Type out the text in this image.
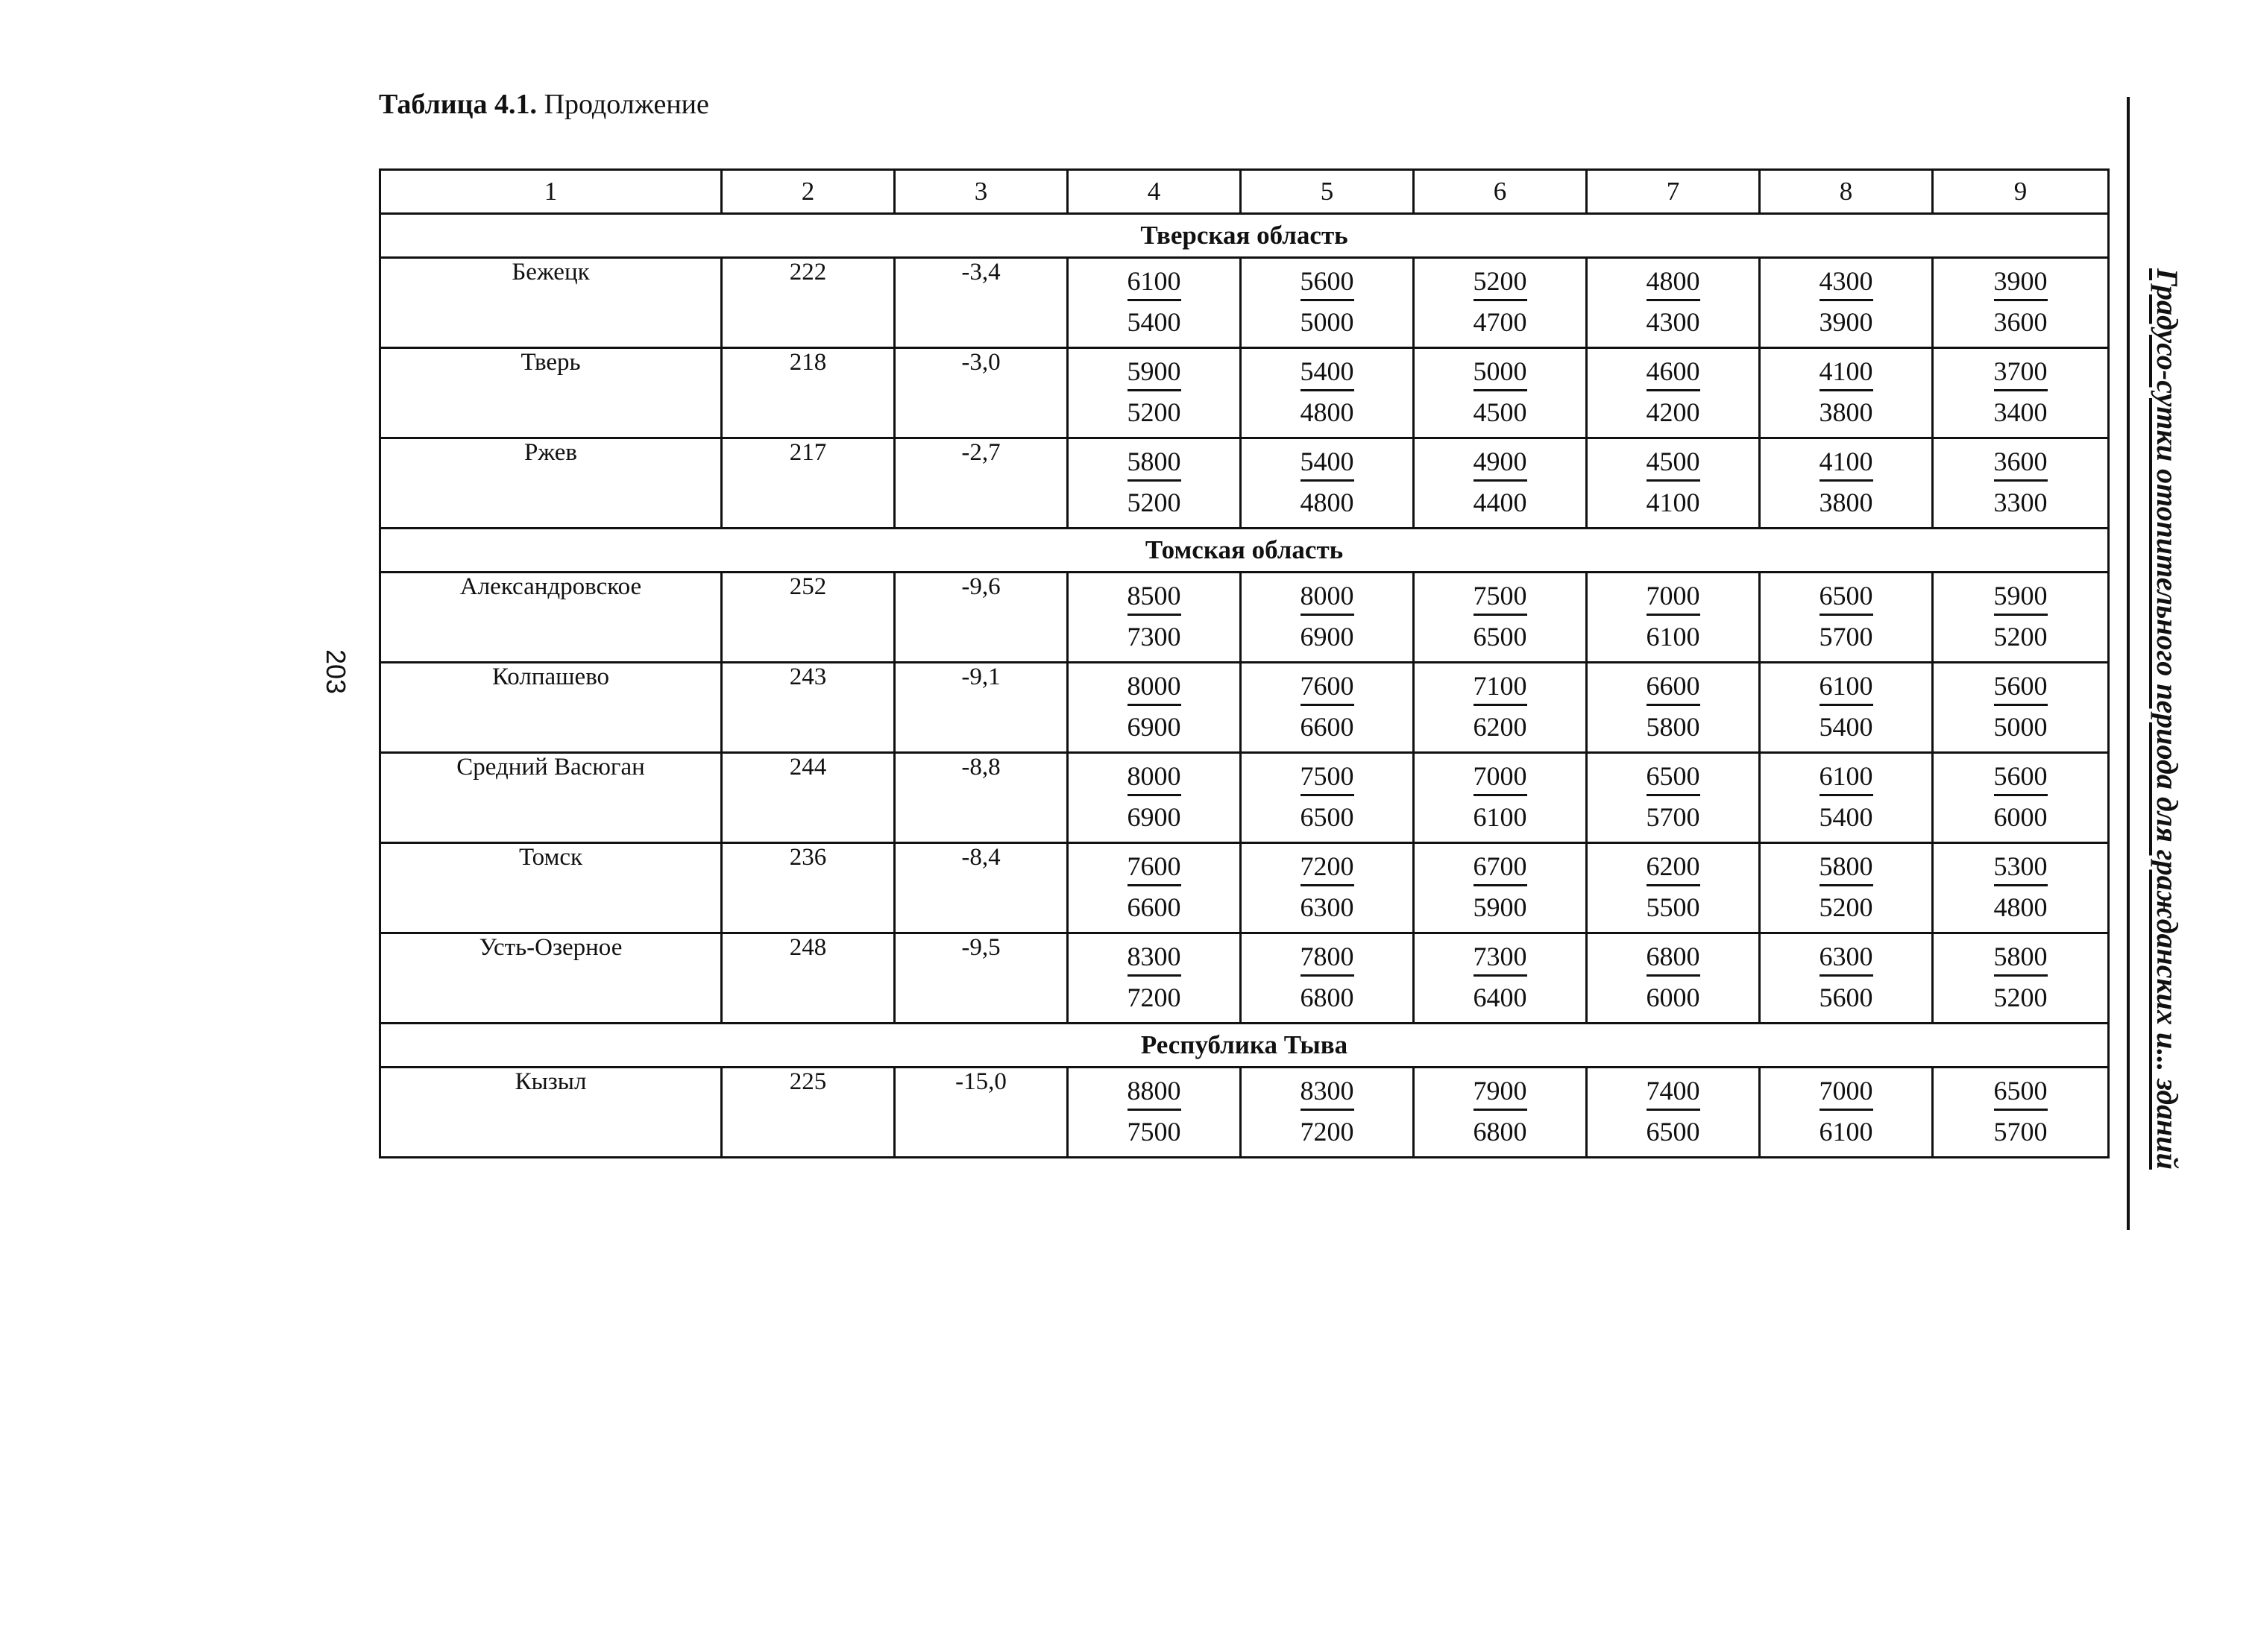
Таблица 4.1. Продолжение
203	Градусо-сутки отопительного периода для гражданских и... зданий
1	2	3	4	5	6	7	8	9
Тверская область								
Бежецк	222	-3,4	$\frac{6100}{5400}$	$\frac{5600}{5000}$	$\frac{5200}{4700}$	$\frac{4800}{4300}$	$\frac{4300}{3900}$	$\frac{3900}{3600}$

Тверь	218	-3,0	$\frac{5900}{5200}$	$\frac{5400}{4800}$	$\frac{5000}{4500}$	$\frac{4600}{4200}$	$\frac{4100}{3800}$	$\frac{3700}{3400}$

Ржев	217	-2,7	$\frac{5800}{5200}$	$\frac{5400}{4800}$	$\frac{4900}{4400}$	$\frac{4500}{4100}$	$\frac{4100}{3800}$	$\frac{3600}{3300}$

Томская область								
Александровское	252	-9,6	$\frac{8500}{7300}$	$\frac{8000}{6900}$	$\frac{7500}{6500}$	$\frac{7000}{6100}$	$\frac{6500}{5700}$	$\frac{5900}{5200}$

Колпашево	243	-9,1	$\frac{8000}{6900}$	$\frac{7600}{6600}$	$\frac{7100}{6200}$	$\frac{6600}{5800}$	$\frac{6100}{5400}$	$\frac{5600}{5000}$

Средний Васюган	244	-8,8	$\frac{8000}{6900}$	$\frac{7500}{6500}$	$\frac{7000}{6100}$	$\frac{6500}{5700}$	$\frac{6100}{5400}$	$\frac{5600}{6000}$

Томск	236	-8,4	$\frac{7600}{6600}$	$\frac{7200}{6300}$	$\frac{6700}{5900}$	$\frac{6200}{5500}$	$\frac{5800}{5200}$	$\frac{5300}{4800}$

Усть-Озерное	248	-9,5	$\frac{8300}{7200}$	$\frac{7800}{6800}$	$\frac{7300}{6400}$	$\frac{6800}{6000}$	$\frac{6300}{5600}$	$\frac{5800}{5200}$

Республика Тыва								
Кызыл	225	-15,0	$\frac{8800}{7500}$	$\frac{8300}{7200}$	$\frac{7900}{6800}$	$\frac{7400}{6500}$	$\frac{7000}{6100}$	$\frac{6500}{5700}$
